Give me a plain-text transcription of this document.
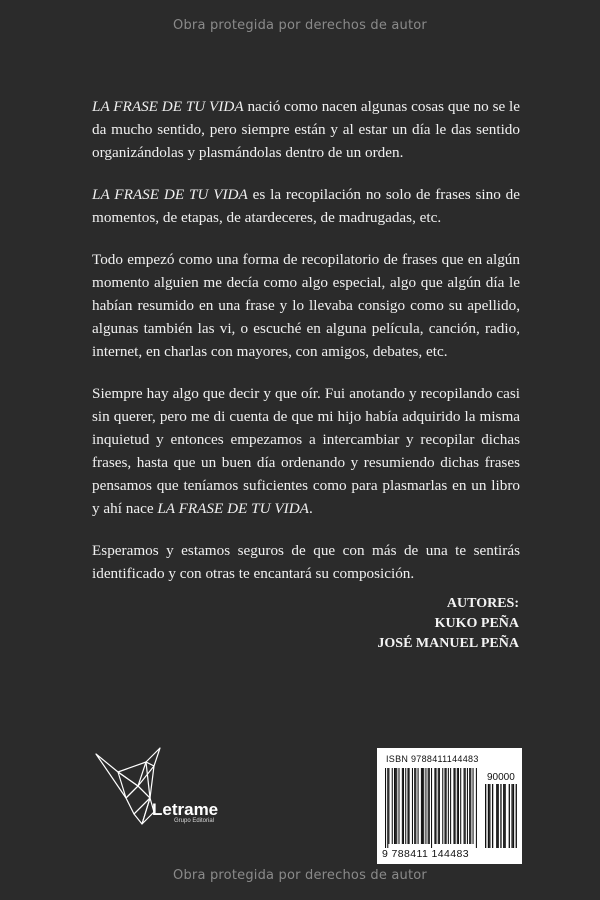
Obra protegida por derechos de autor

LA FRASE DE TU VIDA nació como nacen algunas cosas que no se le da mucho sentido, pero siempre están y al estar un día le das sentido organizándolas y plasmándolas dentro de un orden.

LA FRASE DE TU VIDA es la recopilación no solo de frases sino de momentos, de etapas, de atardeceres, de madrugadas, etc.

Todo empezó como una forma de recopilatorio de frases que en algún momento alguien me decía como algo especial, algo que algún día le habían resumido en una frase y lo llevaba consigo como su apellido, algunas también las vi, o escuché en alguna película, canción, radio, internet, en charlas con mayores, con amigos, debates, etc.

Siempre hay algo que decir y que oír. Fui anotando y recopilando casi sin querer, pero me di cuenta de que mi hijo había adquirido la misma inquietud y entonces empezamos a intercambiar y recopilar dichas frases, hasta que un buen día ordenando y resumiendo dichas frases pensamos que teníamos suficientes como para plasmarlas en un libro y ahí nace LA FRASE DE TU VIDA.

Esperamos y estamos seguros de que con más de una te sentirás identificado y con otras te encantará su composición.

AUTORES:
KUKO PEÑA
JOSÉ MANUEL PEÑA
Letrame
Grupo Editorial
ISBN 9788411144483
90000
9 788411 144483
Obra protegida por derechos de autor
